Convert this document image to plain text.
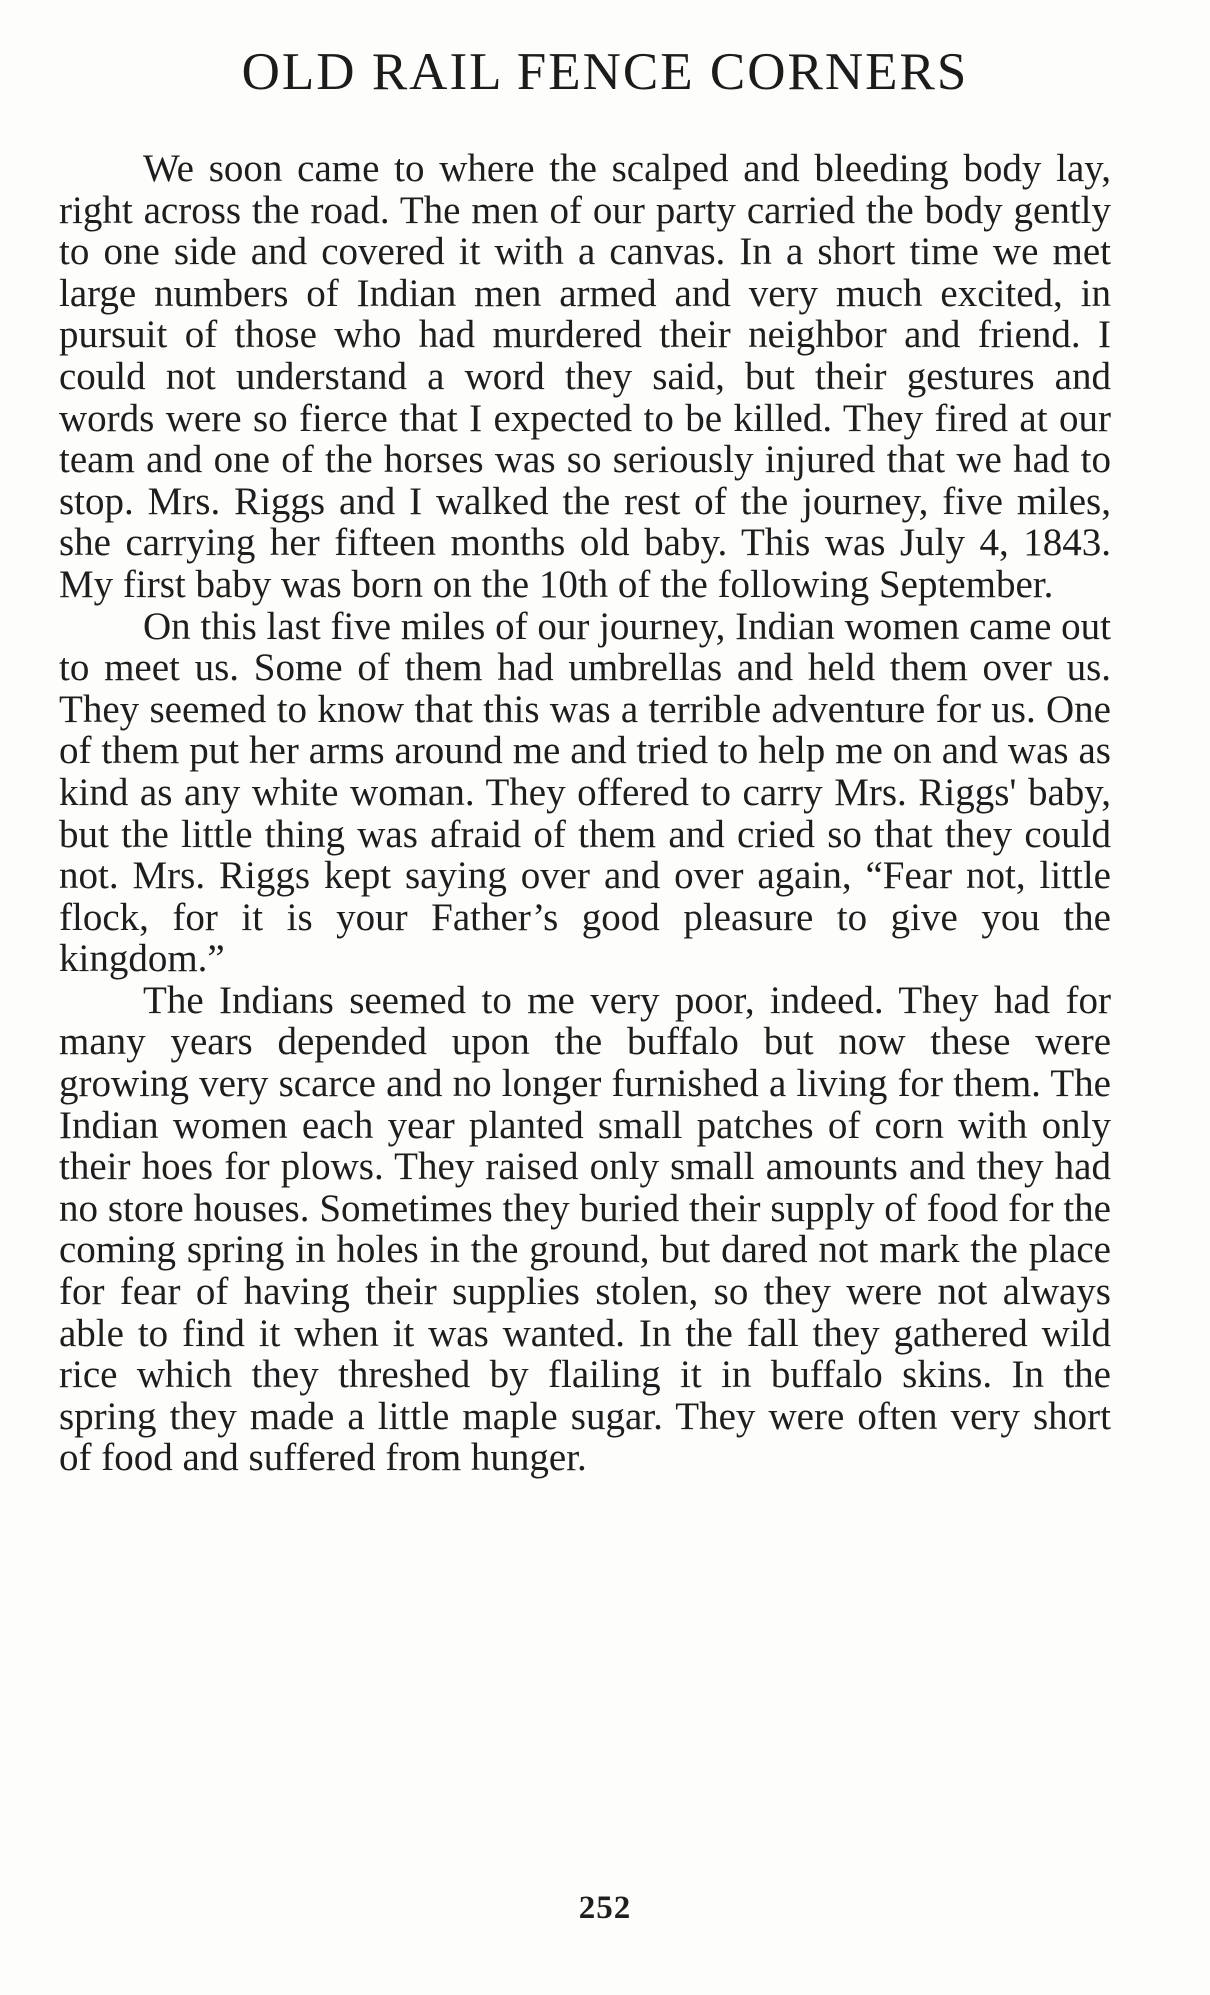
OLD RAIL FENCE CORNERS

We soon came to where the scalped and bleeding body lay, right across the road. The men of our party carried the body gently to one side and covered it with a canvas. In a short time we met large numbers of Indian men armed and very much excited, in pursuit of those who had murdered their neighbor and friend. I could not understand a word they said, but their gestures and words were so fierce that I expected to be killed. They fired at our team and one of the horses was so seriously injured that we had to stop. Mrs. Riggs and I walked the rest of the journey, five miles, she carrying her fifteen months old baby. This was July 4, 1843. My first baby was born on the 10th of the following September.

On this last five miles of our journey, Indian women came out to meet us. Some of them had umbrellas and held them over us. They seemed to know that this was a terrible adventure for us. One of them put her arms around me and tried to help me on and was as kind as any white woman. They offered to carry Mrs. Riggs' baby, but the little thing was afraid of them and cried so that they could not. Mrs. Riggs kept saying over and over again, “Fear not, little flock, for it is your Father’s good pleasure to give you the kingdom.”

The Indians seemed to me very poor, indeed. They had for many years depended upon the buffalo but now these were growing very scarce and no longer furnished a living for them. The Indian women each year planted small patches of corn with only their hoes for plows. They raised only small amounts and they had no store houses. Sometimes they buried their supply of food for the coming spring in holes in the ground, but dared not mark the place for fear of having their supplies stolen, so they were not always able to find it when it was wanted. In the fall they gathered wild rice which they threshed by flailing it in buffalo skins. In the spring they made a little maple sugar. They were often very short of food and suffered from hunger.

252
